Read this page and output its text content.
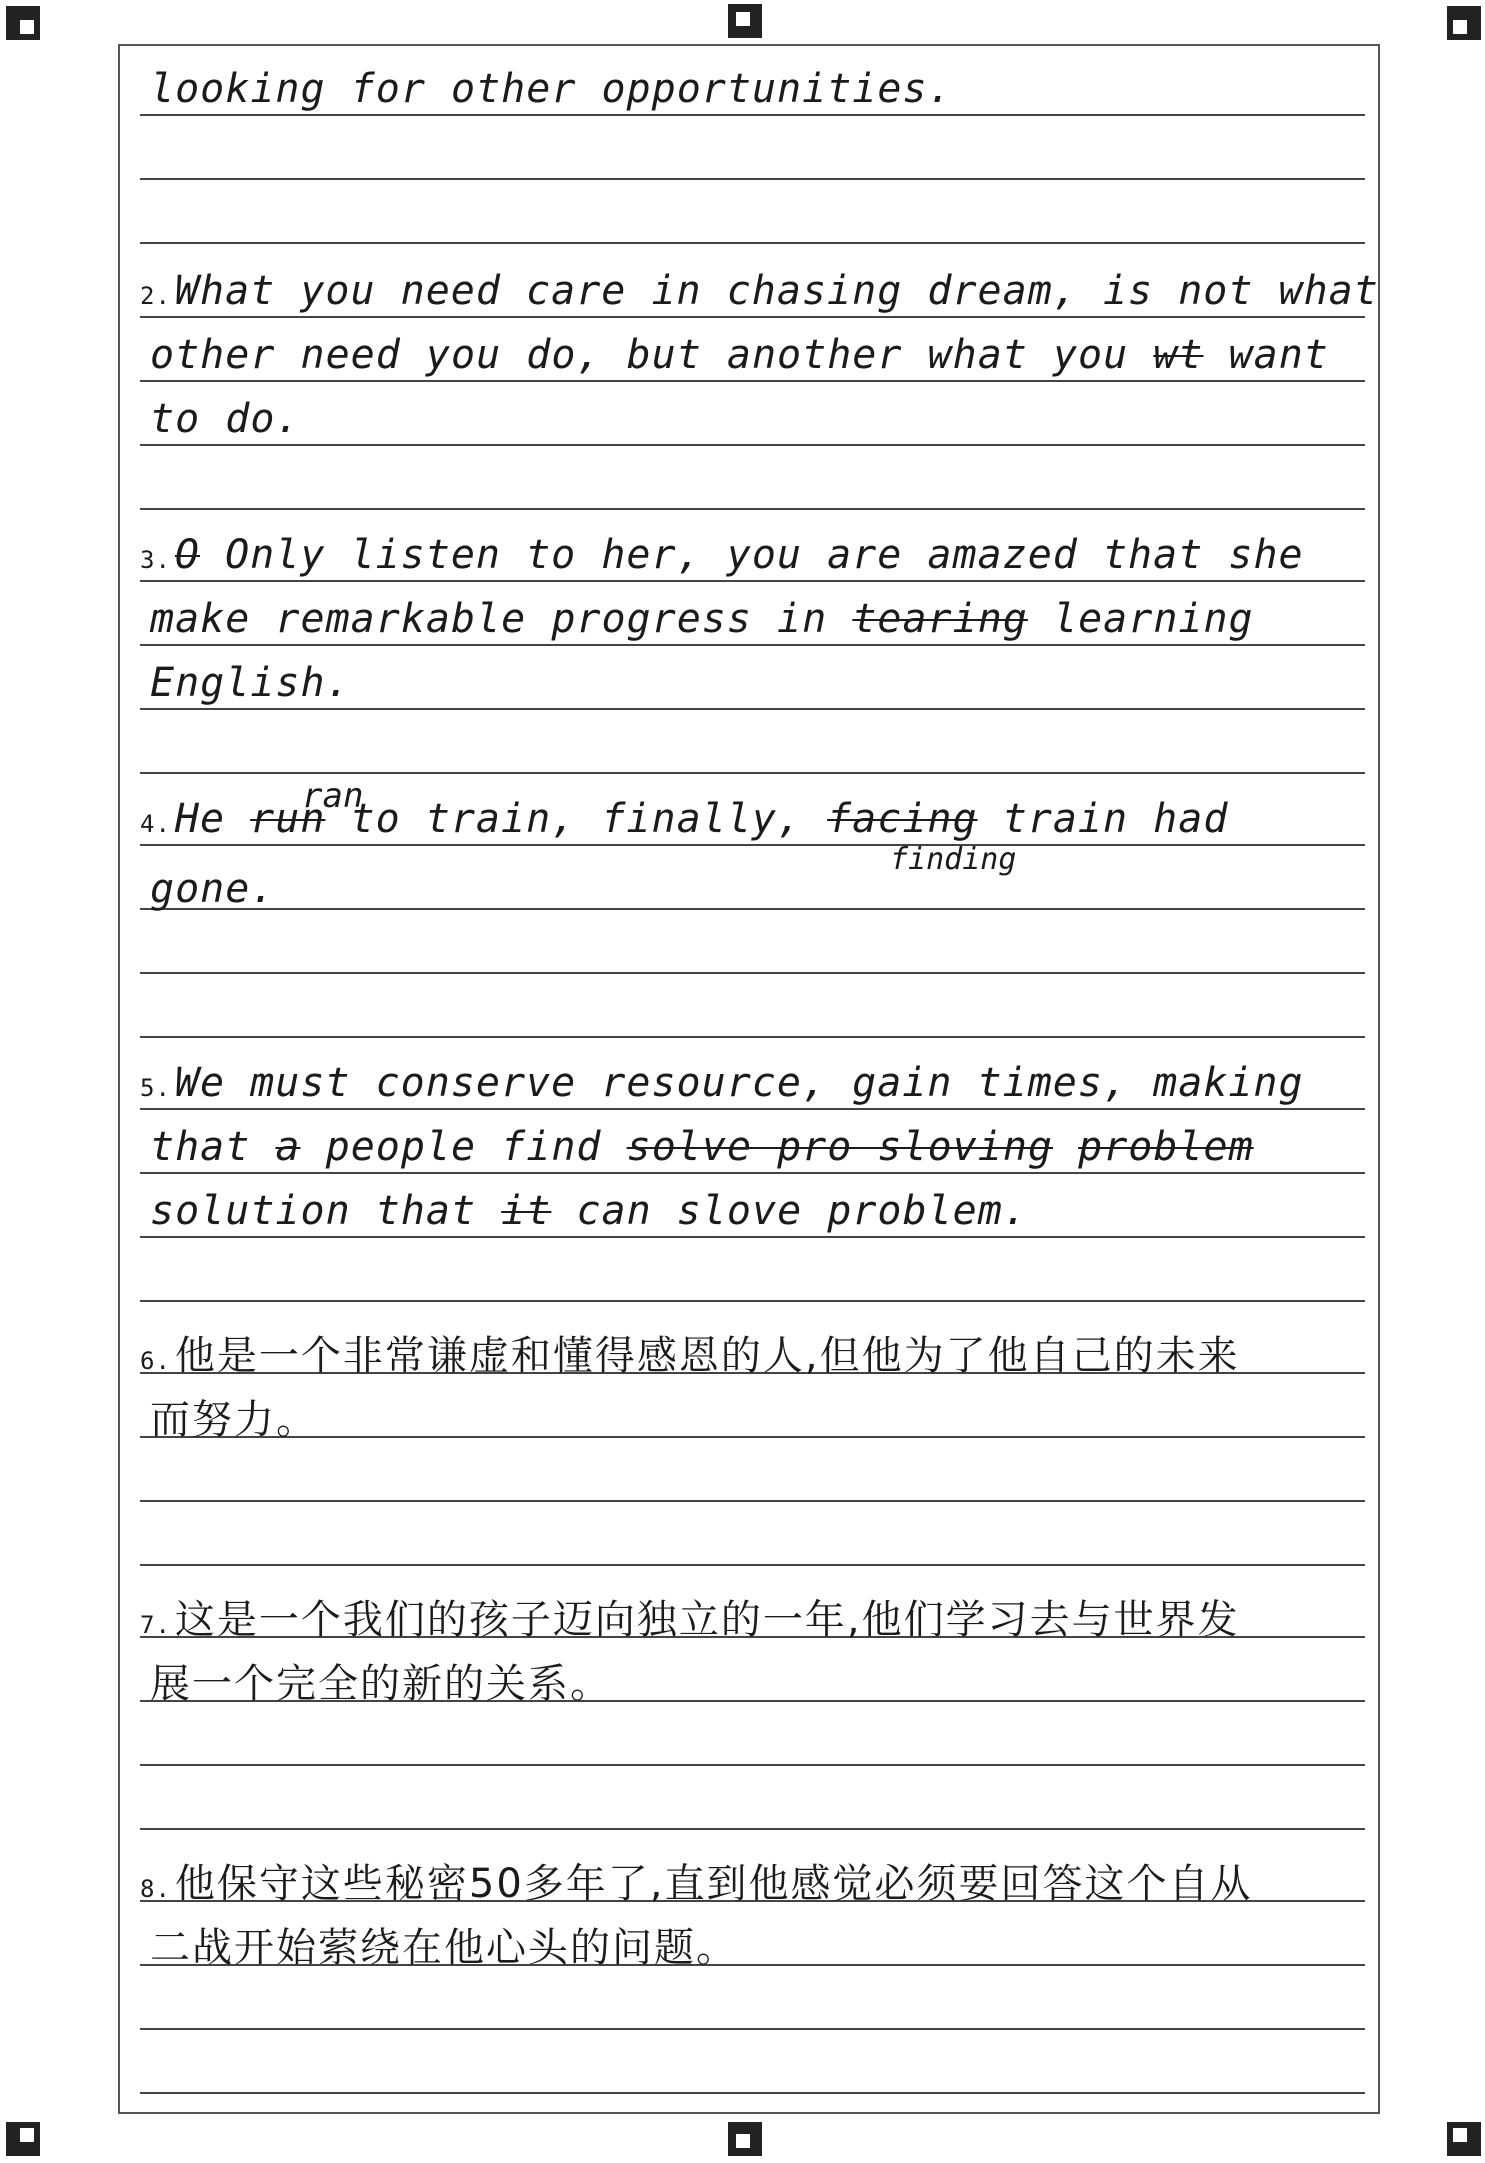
looking for other opportunities.
2. What you need care in chasing dream, is not what
other need you do, but another what you wt want
to do.
3. O Only listen to her, you are amazed that she
make remarkable progress in tearing learning
English.
ran
4. He run to train, finally, facing train had
finding
gone.
5. We must conserve resource, gain times, making
that a people find solve pro sloving problem
solution that it can slove problem.
6. 他是一个非常谦虚和懂得感恩的人,但他为了他自己的未来
而努力。
7. 这是一个我们的孩子迈向独立的一年,他们学习去与世界发
展一个完全的新的关系。
8. 他保守这些秘密50多年了,直到他感觉必须要回答这个自从
二战开始萦绕在他心头的问题。
